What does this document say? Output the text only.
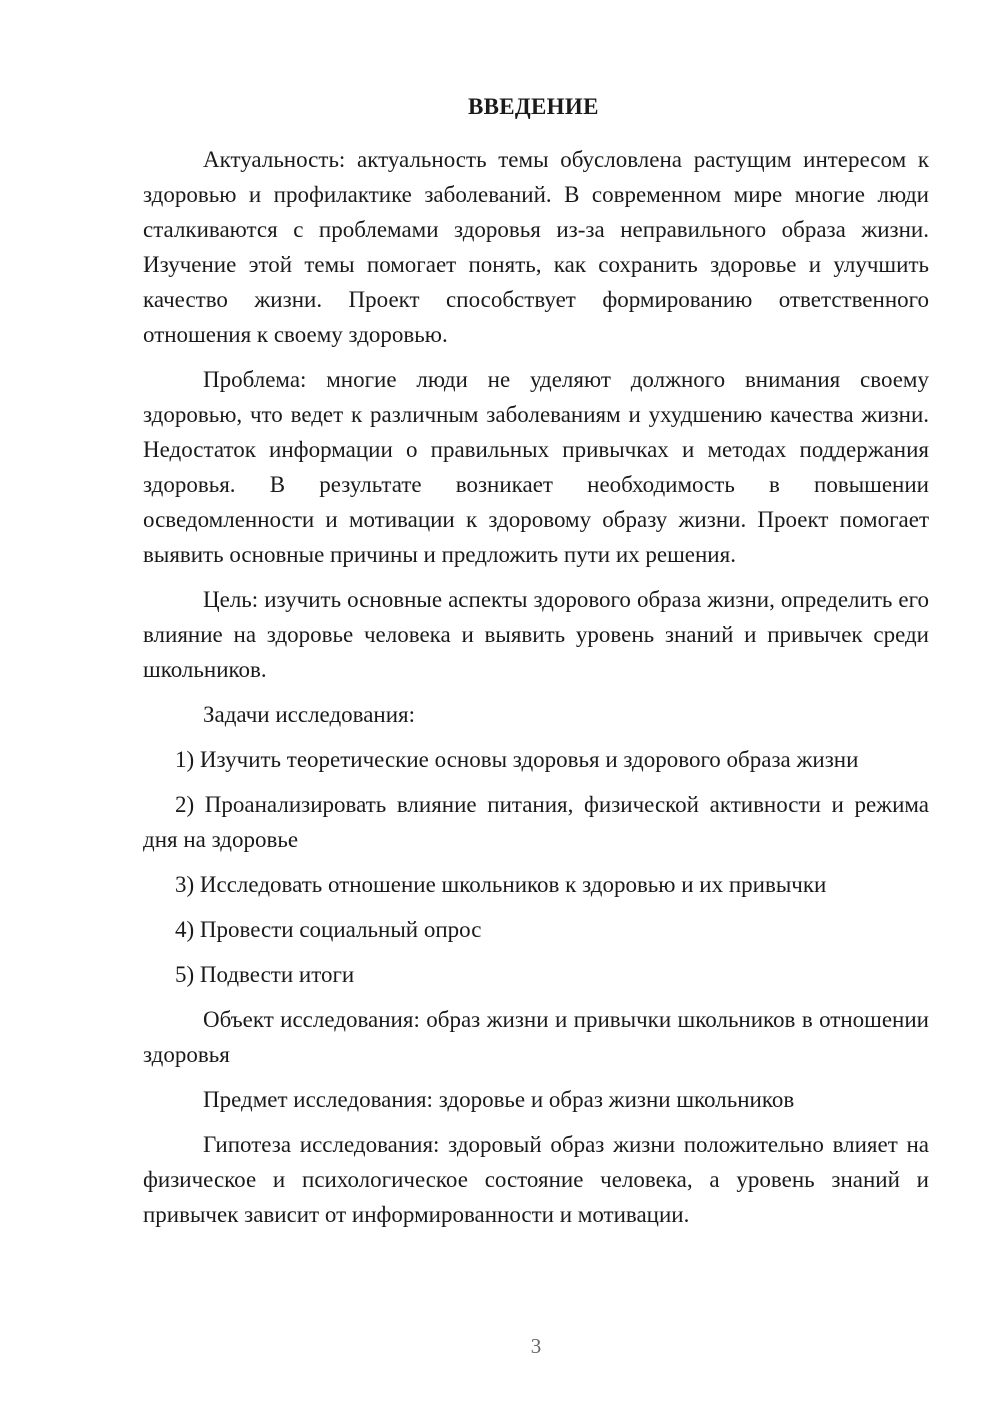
ВВЕДЕНИЕ

Актуальность: актуальность темы обусловлена растущим интересом к здоровью и профилактике заболеваний. В современном мире многие люди сталкиваются с проблемами здоровья из-за неправильного образа жизни. Изучение этой темы помогает понять, как сохранить здоровье и улучшить качество жизни. Проект способствует формированию ответственного отношения к своему здоровью.

Проблема: многие люди не уделяют должного внимания своему здоровью, что ведет к различным заболеваниям и ухудшению качества жизни. Недостаток информации о правильных привычках и методах поддержания здоровья. В результате возникает необходимость в повышении осведомленности и мотивации к здоровому образу жизни. Проект помогает выявить основные причины и предложить пути их решения.

Цель: изучить основные аспекты здорового образа жизни, определить его влияние на здоровье человека и выявить уровень знаний и привычек среди школьников.

Задачи исследования:

1) Изучить теоретические основы здоровья и здорового образа жизни

2) Проанализировать влияние питания, физической активности и режима дня на здоровье

3) Исследовать отношение школьников к здоровью и их привычки

4) Провести социальный опрос

5) Подвести итоги

Объект исследования: образ жизни и привычки школьников в отношении здоровья

Предмет исследования: здоровье и образ жизни школьников

Гипотеза исследования: здоровый образ жизни положительно влияет на физическое и психологическое состояние человека, а уровень знаний и привычек зависит от информированности и мотивации.

3
